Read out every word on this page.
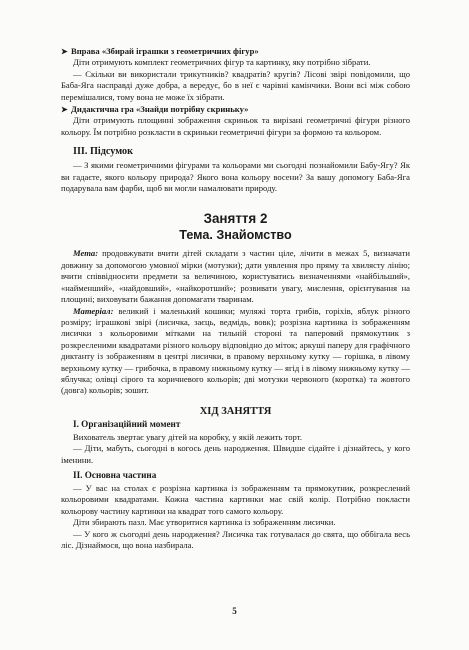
➤ Вправа «Збирай іграшки з геометричних фігур»

Діти отримують комплект геометричних фігур та картинку, яку потрібно зібрати.

— Скільки ви використали трикутників? квадратів? кругів? Лісові звірі повідомили, що Баба-Яга насправді дуже добра, а вередує, бо в неї є чарівні камінчики. Вони всі між собою перемішалися, тому вона не може їх зібрати.

➤ Дидактична гра «Знайди потрібну скриньку»

Діти отримують площинні зображення скриньок та вирізані геометричні фігури різного кольору. Їм потрібно розкласти в скриньки геометричні фігури за формою та кольором.

III. Підсумок

— З якими геометричними фігурами та кольорами ми сьогодні познайомили Бабу-Ягу? Як ви гадаєте, якого кольору природа? Якого вона кольору восени? За вашу допомогу Баба-Яга подарувала вам фарби, щоб ви могли намалювати природу.

Заняття 2

Тема. Знайомство

Мета: продовжувати вчити дітей складати з частин ціле, лічити в межах 5, визначати довжину за допомогою умовної мірки (мотузки); дати уявлення про пряму та хвилясту лінію; вчити співвідносити предмети за величиною, користуватись визначеннями «найбільший», «найменший», «найдовший», «найкоротший»; розвивати увагу, мислення, орієнтування на площині; виховувати бажання допомагати тваринам.

Матеріал: великий і маленький кошики; муляжі торта грибів, горіхів, яблук різного розміру; іграшкові звірі (лисичка, заєць, ведмідь, вовк); розрізна картинка із зображенням лисички з кольоровими мітками на тильній стороні та паперовий прямокутник з розкресленими квадратами різного кольору відповідно до міток; аркуші паперу для графічного диктанту із зображенням в центрі лисички, в правому верхньому кутку — горішка, в лівому верхньому кутку — грибочка, в правому нижньому кутку — ягід і в лівому нижньому кутку — яблучка; олівці сірого та коричневого кольорів; дві мотузки червоного (коротка) та жовтого (довга) кольорів; зошит.

ХІД ЗАНЯТТЯ

І. Організаційний момент

Вихователь звертає увагу дітей на коробку, у якій лежить торт.

— Діти, мабуть, сьогодні в когось день народження. Швидше сідайте і дізнайтесь, у кого іменини.

ІІ. Основна частина

— У вас на столах є розрізна картинка із зображенням та прямокутник, розкреслений кольоровими квадратами. Кожна частина картинки має свій колір. Потрібно покласти кольорову частину картинки на квадрат того самого кольору.

Діти збирають пазл. Має утворитися картинка із зображенням лисички.

— У кого ж сьогодні день народження? Лисичка так готувалася до свята, що оббігала весь ліс. Дізнаймося, що вона назбирала.

5
